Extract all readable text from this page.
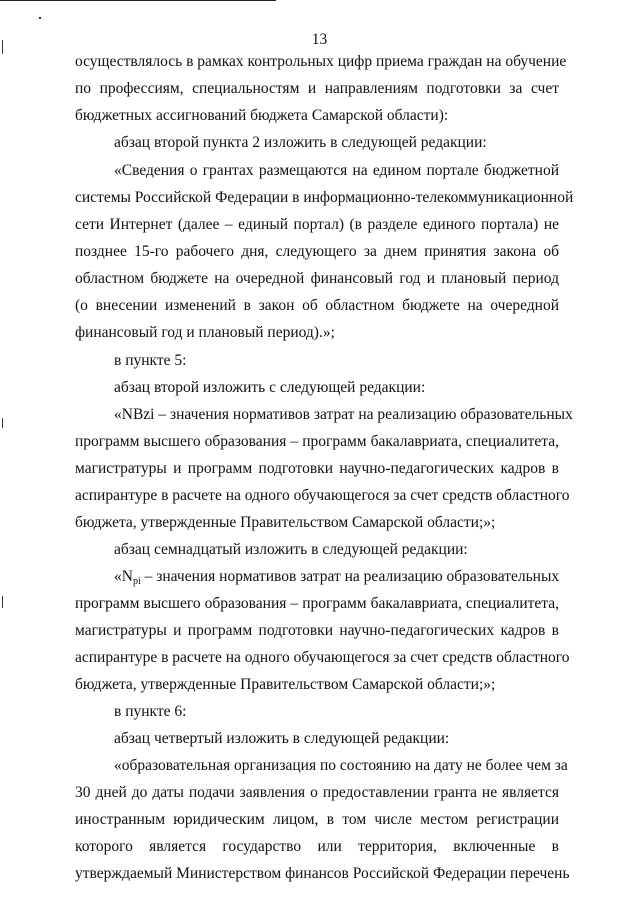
13
осуществлялось в рамках контрольных цифр приема граждан на обучение
по профессиям, специальностям и направлениям подготовки за счет
бюджетных ассигнований бюджета Самарской области):
абзац второй пункта 2 изложить в следующей редакции:
«Сведения о грантах размещаются на едином портале бюджетной
системы Российской Федерации в информационно-телекоммуникационной
сети Интернет (далее – единый портал) (в разделе единого портала) не
позднее 15-го рабочего дня, следующего за днем принятия закона об
областном бюджете на очередной финансовый год и плановый период
(о внесении изменений в закон об областном бюджете на очередной
финансовый год и плановый период).»;
в пункте 5:
абзац второй изложить с следующей редакции:
«NBzi – значения нормативов затрат на реализацию образовательных
программ высшего образования – программ бакалавриата, специалитета,
магистратуры и программ подготовки научно-педагогических кадров в
аспирантуре в расчете на одного обучающегося за счет средств областного
бюджета, утвержденные Правительством Самарской области;»;
абзац семнадцатый изложить в следующей редакции:
«$N_{pi}$ – значения нормативов затрат на реализацию образовательных
программ высшего образования – программ бакалавриата, специалитета,
магистратуры и программ подготовки научно-педагогических кадров в
аспирантуре в расчете на одного обучающегося за счет средств областного
бюджета, утвержденные Правительством Самарской области;»;
в пункте 6:
абзац четвертый изложить в следующей редакции:
«образовательная организация по состоянию на дату не более чем за
30 дней до даты подачи заявления о предоставлении гранта не является
иностранным юридическим лицом, в том числе местом регистрации
которого является государство или территория, включенные в
утверждаемый Министерством финансов Российской Федерации перечень
